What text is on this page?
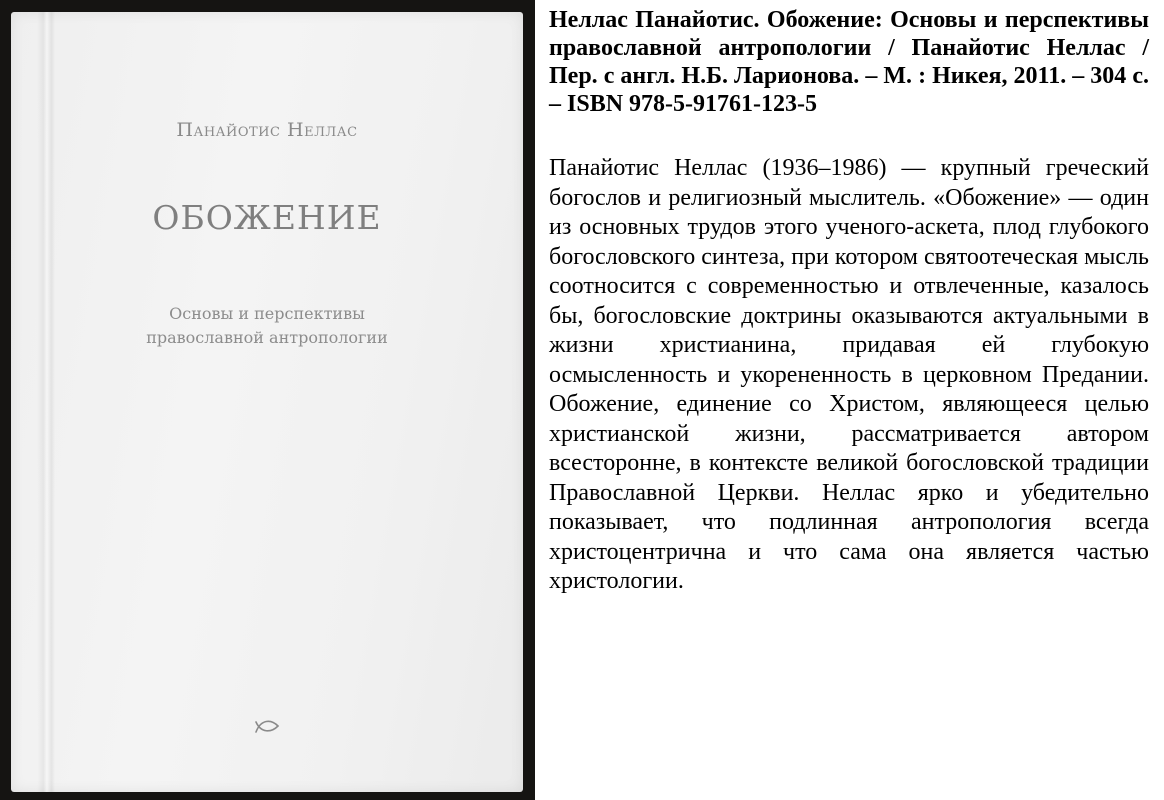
Панайотис Неллас

ОБОЖЕНИЕ

Основы и перспективы
православной антропологии

Неллас Панайотис. Обожение: Основы и перспективы православной антропологии / Панайотис Неллас / Пер. с англ. Н.Б. Ларионова. – М. : Никея, 2011. – 304 с. – ISBN 978-5-91761-123-5

Панайотис Неллас (1936–1986) — крупный греческий богослов и религиозный мыслитель. «Обожение» — один из основных трудов этого ученого-аскета, плод глубокого богословского синтеза, при котором святоотеческая мысль соотносится с современностью и отвлеченные, казалось бы, богословские доктрины оказываются актуальными в жизни христианина, придавая ей глубокую осмысленность и укорененность в церковном Предании. Обожение, единение со Христом, являющееся целью христианской жизни, рассматривается автором всесторонне, в контексте великой богословской традиции Православной Церкви. Неллас ярко и убедительно показывает, что подлинная антропология всегда христоцентрична и что сама она является частью христологии.
